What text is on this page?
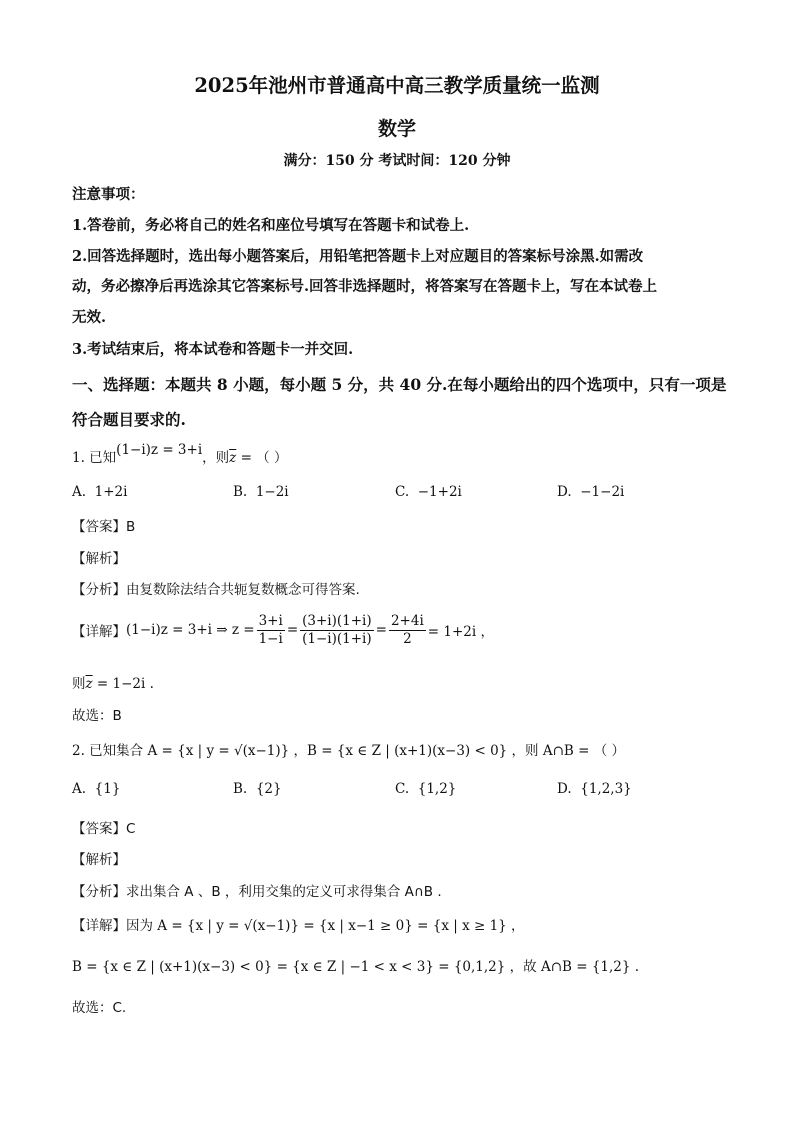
2025年池州市普通高中高三教学质量统一监测
数学
满分：150 分 考试时间：120 分钟
注意事项：
1.答卷前，务必将自己的姓名和座位号填写在答题卡和试卷上.
2.回答选择题时，选出每小题答案后，用铅笔把答题卡上对应题目的答案标号涂黑.如需改
动，务必擦净后再选涂其它答案标号.回答非选择题时，将答案写在答题卡上，写在本试卷上
无效.
3.考试结束后，将本试卷和答题卡一并交回.
一、选择题：本题共 8 小题，每小题 5 分，共 40 分.在每小题给出的四个选项中，只有一项是
符合题目要求的.
1. 已知(1−i)z = 3+i，则$\overline{z}$ = （ ）
A. 1+2i	B. 1−2i	C. −1+2i	D. −1−2i
【答案】B
【解析】
【分析】由复数除法结合共轭复数概念可得答案.
【详解】 (1−i)z = 3+i ⇒ $z = \frac{3+i}{1-i} = \frac{(3+i)(1+i)}{(1-i)(1+i)} = \frac{2+4i}{2} = 1+2i$ ，
则$\overline{z} = 1-2i$ .
故选：B
2. 已知集合 A = {x | y = √(x−1)} ，B = {x ∈ Z | (x+1)(x−3) < 0} ，则 A∩B = （ ）
A. {1}	B. {2}	C. {1,2}	D. {1,2,3}
【答案】C
【解析】
【分析】求出集合 A 、B ，利用交集的定义可求得集合 A∩B .
【详解】因为 A = {x | y = √(x−1)} = {x | x−1 ≥ 0} = {x | x ≥ 1} ，
B = {x ∈ Z | (x+1)(x−3) < 0} = {x ∈ Z | −1 < x < 3} = {0,1,2} ，故 A∩B = {1,2} .
故选：C.
